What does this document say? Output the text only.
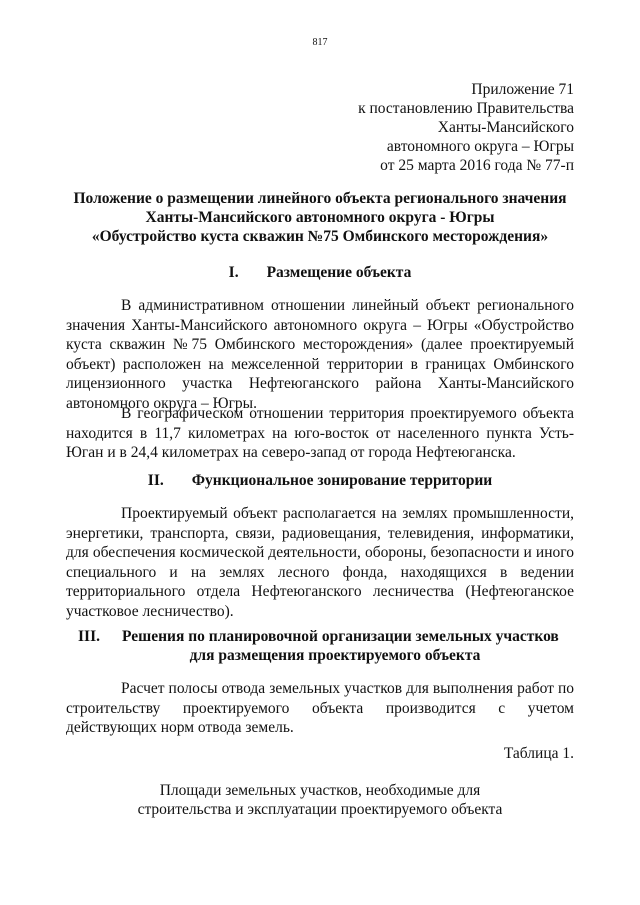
817
Приложение 71
к постановлению Правительства
Ханты-Мансийского
автономного округа – Югры
от 25 марта 2016 года № 77-п
Положение о размещении линейного объекта регионального значения
Ханты-Мансийского автономного округа - Югры
«Обустройство куста скважин №75 Омбинского месторождения»
I. Размещение объекта

В административном отношении линейный объект регионального значения Ханты-Мансийского автономного округа – Югры «Обустройство куста скважин №75 Омбинского месторождения» (далее проектируемый объект) расположен на межселенной территории в границах Омбинского лицензионного участка Нефтеюганского района Ханты-Мансийского автономного округа – Югры.

В географическом отношении территория проектируемого объекта находится в 11,7 километрах на юго-восток от населенного пункта Усть-Юган и в 24,4 километрах на северо-запад от города Нефтеюганска.

II. Функциональное зонирование территории

Проектируемый объект располагается на землях промышленности, энергетики, транспорта, связи, радиовещания, телевидения, информатики, для обеспечения космической деятельности, обороны, безопасности и иного специального и на землях лесного фонда, находящихся в ведении территориального отдела Нефтеюганского лесничества (Нефтеюганское участковое лесничество).

III. Решения по планировочной организации земельных участков
для размещения проектируемого объекта

Расчет полосы отвода земельных участков для выполнения работ по строительству проектируемого объекта производится с учетом действующих норм отвода земель.

Таблица 1.
Площади земельных участков, необходимые для
строительства и эксплуатации проектируемого объекта
